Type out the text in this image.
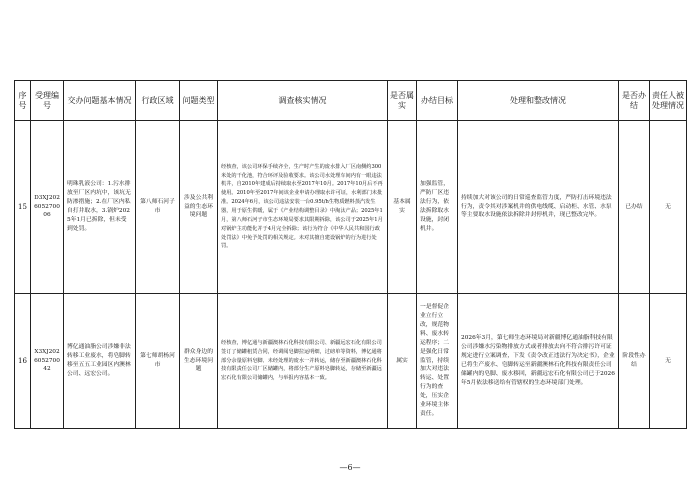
序号	受理编号	交办问题基本情况	行政区域	问题类型	调查核实情况	是否属实	办结目标	处理和整改情况	是否办结	责任人被处理情况
15	D3XJ202605270006	明珠乳液公司：1.污水排放至厂区内坑中，该坑无防渗措施；2.在厂区内私自打井取水，3.锅炉2025年1月已拆除，但未受到处罚。	第八师石河子市	涉及公共利益的生态环境问题	经核查，该公司环保手续齐全，生产时产生的废水排入厂区南侧约300米处的干化池，符合环评及验收要求。该公司水处理车间内有一眼违法机井，自2010年建成后持续取水至2017年10月。2017年10月后不再使用。2010年至2017年间该企业申请办理取水许可证，水利部门未批准。2024年6月，该公司违法安装一台0.95t/h生物质燃料蒸汽发生器，用于原生供暖，属于《产业结构调整目录》中淘汰产品；2025年1月，第八师石河子市生态环境局要求其限期拆除，该公司于2025年1月对锅炉主功能化并于4月完全拆除；该行为符合《中华人民共和国行政处罚法》中免予处罚的相关规定。未对其擅自建设锅炉的行为进行处罚。	基本属实	加强监管，严防厂区违法行为，依法拆除取水设施，封闭机井。	持续加大对该公司的日常巡查监管力度，严防打击环境违法行为，责令其对涉案机井的供电线缆、启动柜、水管、水泵等主要取水设施依法拆除并封停机井，现已整改完毕。	已办结	无
16	X3XJ202605270042	博亿通油脂公司涉嫌非法转移工业废水，将皂脚转移至五五工业园区内澳林公司、远宏公司。	第七师胡杨河市	群众身边的生态环境问题	经核查，博亿通与新疆澳林石化科技有限公司、新疆远宏石化有限公司签订了储罐租赁合同，经调阅皂脚拉运明细，过磅单等资料，博亿通将部分余量原料皂脚、未经处理的废水一并转运，储存至新疆澳林石化科技有限责任公司厂区储罐内，将部分生产原料皂脚转运，存储至新疆远宏石化有限公司储罐内，与举报内容基本一致。	属实	一是督促企业立行立改，规范物料、废水转运程序；二是强化日常监管，持续加大对违法转运、处置行为的查处，压实企业环境主体责任。	2026年3月，第七师生态环境局对新疆博亿通油脂科技有限公司涉嫌水污染物排放方式或者排放去向不符合排污许可证规定进行立案调查，下发《责令改正违法行为决定书》，企业已将生产废水、皂脚转运至新疆澳林石化科技有限责任公司储罐内的皂脚、废水移回，新疆远宏石化有限公司已于2026年5月依法移送给有管辖权的生态环境部门处理。	阶段性办结	无
—6—
